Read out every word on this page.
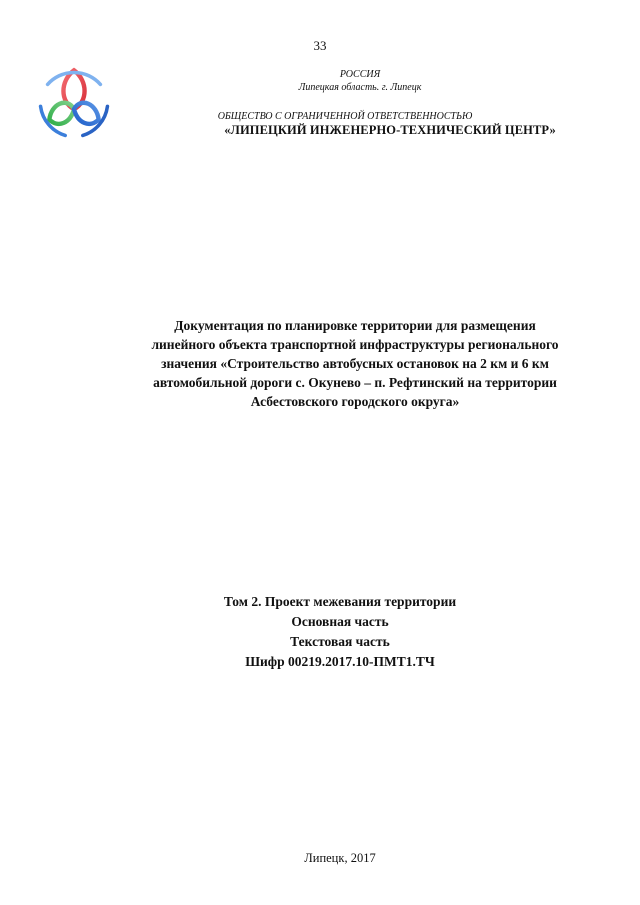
33
РОССИЯ
Липецкая область. г. Липецк
ОБЩЕСТВО С ОГРАНИЧЕННОЙ ОТВЕТСТВЕННОСТЬЮ
«ЛИПЕЦКИЙ ИНЖЕНЕРНО-ТЕХНИЧЕСКИЙ ЦЕНТР»
Документация по планировке территории для размещения
линейного объекта транспортной инфраструктуры регионального
значения «Строительство автобусных остановок на 2 км и 6 км
автомобильной дороги с. Окунево – п. Рефтинский на территории
Асбестовского городского округа»
Том 2. Проект межевания территории
Основная часть
Текстовая часть
Шифр 00219.2017.10-ПМТ1.ТЧ
Липецк, 2017
